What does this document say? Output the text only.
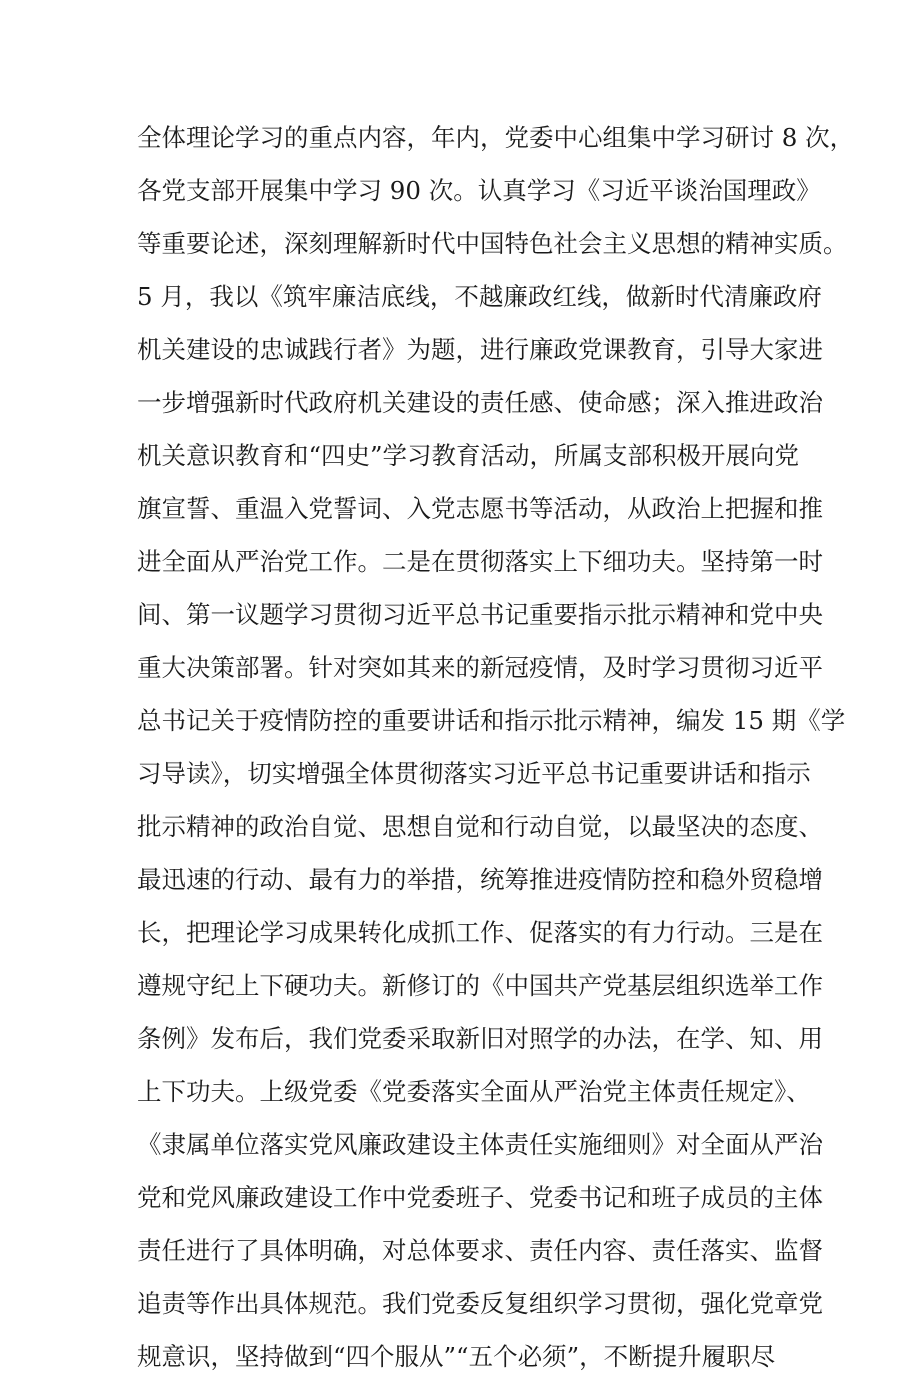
全体理论学习的重点内容，年内，党委中心组集中学习研讨 8 次，
各党支部开展集中学习 90 次。认真学习《习近平谈治国理政》
等重要论述，深刻理解新时代中国特色社会主义思想的精神实质。
5 月，我以《筑牢廉洁底线，不越廉政红线，做新时代清廉政府
机关建设的忠诚践行者》为题，进行廉政党课教育，引导大家进
一步增强新时代政府机关建设的责任感、使命感；深入推进政治
机关意识教育和“四史”学习教育活动，所属支部积极开展向党
旗宣誓、重温入党誓词、入党志愿书等活动，从政治上把握和推
进全面从严治党工作。二是在贯彻落实上下细功夫。坚持第一时
间、第一议题学习贯彻习近平总书记重要指示批示精神和党中央
重大决策部署。针对突如其来的新冠疫情，及时学习贯彻习近平
总书记关于疫情防控的重要讲话和指示批示精神，编发 15 期《学
习导读》，切实增强全体贯彻落实习近平总书记重要讲话和指示
批示精神的政治自觉、思想自觉和行动自觉，以最坚决的态度、
最迅速的行动、最有力的举措，统筹推进疫情防控和稳外贸稳增
长，把理论学习成果转化成抓工作、促落实的有力行动。三是在
遵规守纪上下硬功夫。新修订的《中国共产党基层组织选举工作
条例》发布后，我们党委采取新旧对照学的办法，在学、知、用
上下功夫。上级党委《党委落实全面从严治党主体责任规定》、
《隶属单位落实党风廉政建设主体责任实施细则》对全面从严治
党和党风廉政建设工作中党委班子、党委书记和班子成员的主体
责任进行了具体明确，对总体要求、责任内容、责任落实、监督
追责等作出具体规范。我们党委反复组织学习贯彻，强化党章党
规意识，坚持做到“四个服从”“五个必须”，不断提升履职尽
